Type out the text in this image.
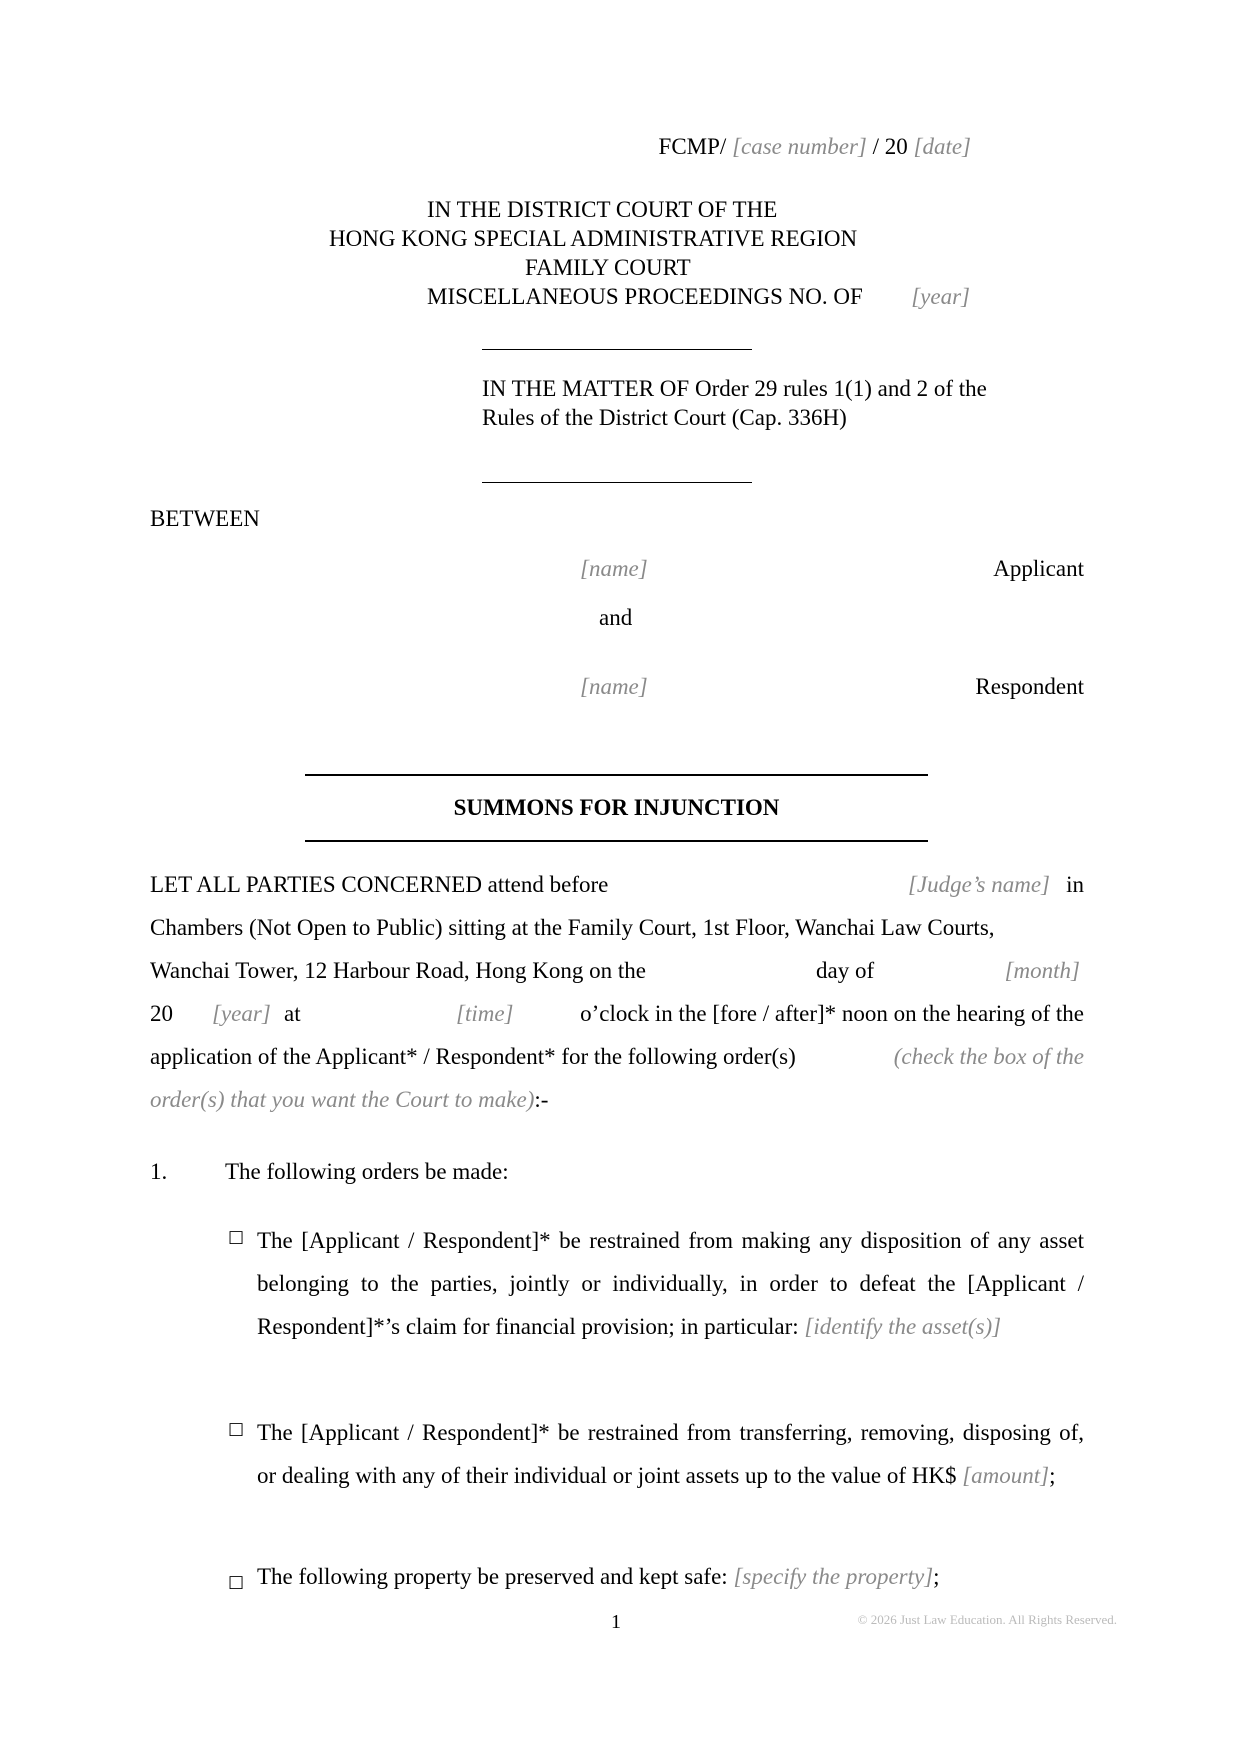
FCMP/ [case number] / 20 [date]
IN THE DISTRICT COURT OF THE
HONG KONG SPECIAL ADMINISTRATIVE REGION
FAMILY COURT
MISCELLANEOUS PROCEEDINGS NO. OF [year]
IN THE MATTER OF Order 29 rules 1(1) and 2 of the
Rules of the District Court (Cap. 336H)
BETWEEN
[name]	Applicant
and
[name]	Respondent
SUMMONS FOR INJUNCTION
LET ALL PARTIES CONCERNED attend before	[Judge’s name] in
Chambers (Not Open to Public) sitting at the Family Court, 1st Floor, Wanchai Law Courts,
Wanchai Tower, 12 Harbour Road, Hong Kong on the	day of	[month]
20 [year] at	[time]	o’clock in the [fore / after]* noon on the hearing of the
application of the Applicant* / Respondent* for the following order(s)	(check the box of the
order(s) that you want the Court to make):-
1.	The following orders be made:
□ The [Applicant / Respondent]* be restrained from making any disposition of any asset belonging to the parties, jointly or individually, in order to defeat the [Applicant / Respondent]*’s claim for financial provision; in particular: [identify the asset(s)]
□ The [Applicant / Respondent]* be restrained from transferring, removing, disposing of, or dealing with any of their individual or joint assets up to the value of HK$ [amount];
□ The following property be preserved and kept safe: [specify the property];
1	© 2026 Just Law Education. All Rights Reserved.
